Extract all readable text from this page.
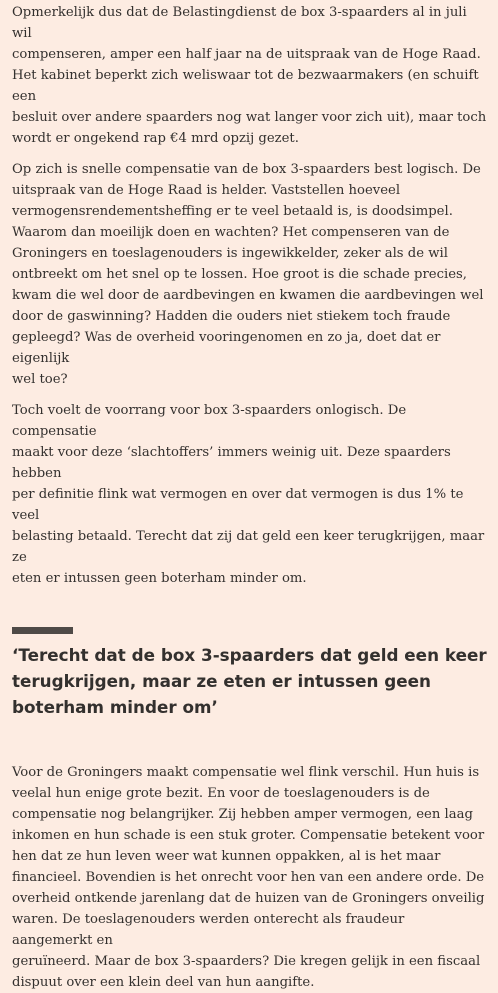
Opmerkelijk dus dat de Belastingdienst de box 3-spaarders al in juli wil
compenseren, amper een half jaar na de uitspraak van de Hoge Raad.
Het kabinet beperkt zich weliswaar tot de bezwaarmakers (en schuift een
besluit over andere spaarders nog wat langer voor zich uit), maar toch
wordt er ongekend rap €4 mrd opzij gezet.

Op zich is snelle compensatie van de box 3-spaarders best logisch. De
uitspraak van de Hoge Raad is helder. Vaststellen hoeveel
vermogensrendementsheffing er te veel betaald is, is doodsimpel.
Waarom dan moeilijk doen en wachten? Het compenseren van de
Groningers en toeslagenouders is ingewikkelder, zeker als de wil
ontbreekt om het snel op te lossen. Hoe groot is die schade precies,
kwam die wel door de aardbevingen en kwamen die aardbevingen wel
door de gaswinning? Hadden die ouders niet stiekem toch fraude
gepleegd? Was de overheid vooringenomen en zo ja, doet dat er eigenlijk
wel toe?

Toch voelt de voorrang voor box 3-spaarders onlogisch. De compensatie
maakt voor deze ‘slachtoffers’ immers weinig uit. Deze spaarders hebben
per definitie flink wat vermogen en over dat vermogen is dus 1% te veel
belasting betaald. Terecht dat zij dat geld een keer terugkrijgen, maar ze
eten er intussen geen boterham minder om.

‘Terecht dat de box 3-spaarders dat geld een keer
terugkrijgen, maar ze eten er intussen geen
boterham minder om’

Voor de Groningers maakt compensatie wel flink verschil. Hun huis is
veelal hun enige grote bezit. En voor de toeslagenouders is de
compensatie nog belangrijker. Zij hebben amper vermogen, een laag
inkomen en hun schade is een stuk groter. Compensatie betekent voor
hen dat ze hun leven weer wat kunnen oppakken, al is het maar
financieel. Bovendien is het onrecht voor hen van een andere orde. De
overheid ontkende jarenlang dat de huizen van de Groningers onveilig
waren. De toeslagenouders werden onterecht als fraudeur aangemerkt en
geruïneerd. Maar de box 3-spaarders? Die kregen gelijk in een fiscaal
dispuut over een klein deel van hun aangifte.
